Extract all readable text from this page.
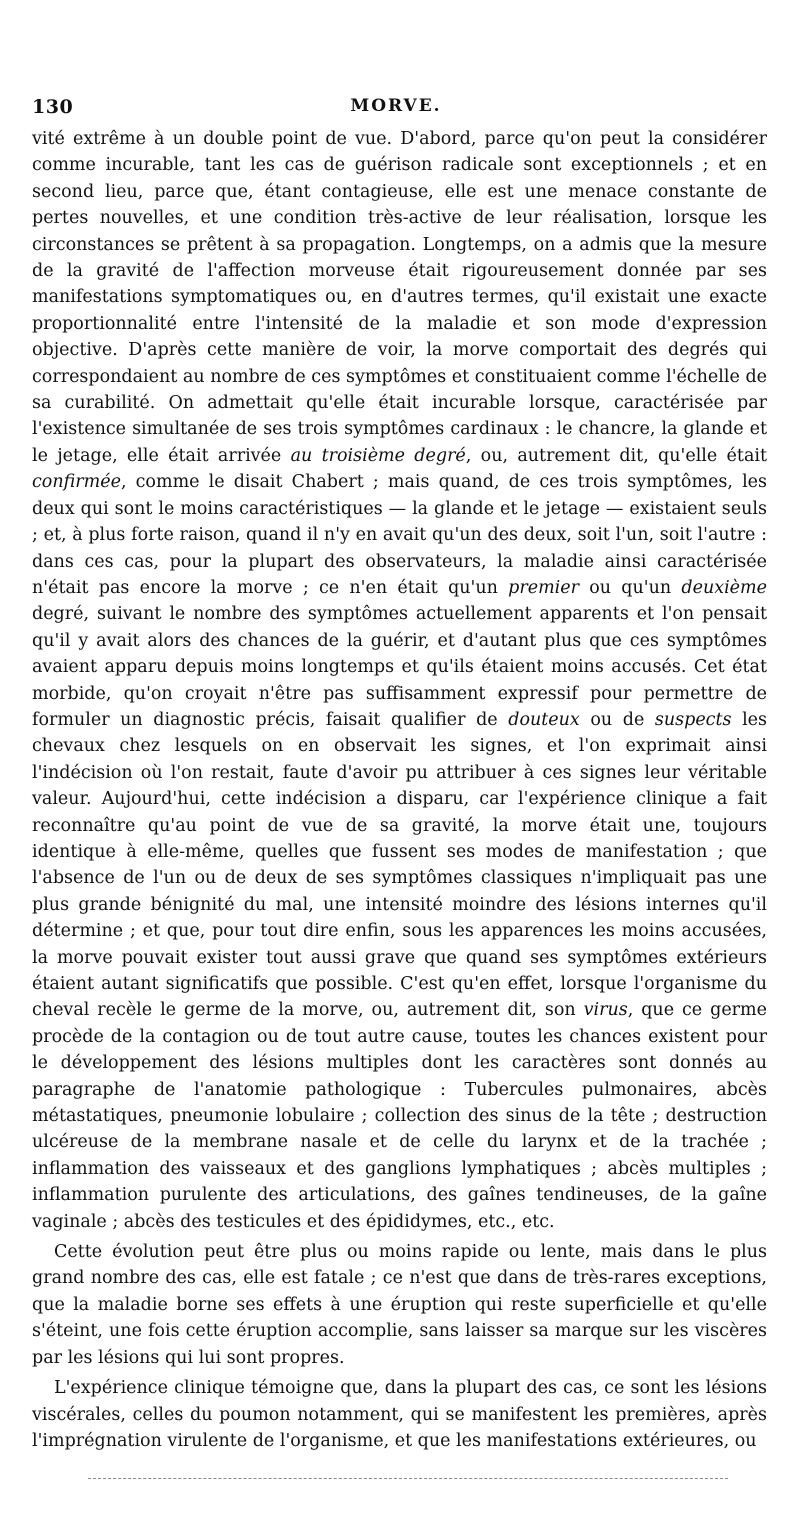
130	MORVE.

vité extrême à un double point de vue. D'abord, parce qu'on peut la considérer comme incurable, tant les cas de guérison radicale sont exceptionnels ; et en second lieu, parce que, étant contagieuse, elle est une menace constante de pertes nouvelles, et une condition très-active de leur réalisation, lorsque les circonstances se prêtent à sa propagation. Longtemps, on a admis que la mesure de la gravité de l'affection morveuse était rigoureusement donnée par ses manifestations symptomatiques ou, en d'autres termes, qu'il existait une exacte proportionnalité entre l'intensité de la maladie et son mode d'expression objective. D'après cette manière de voir, la morve comportait des degrés qui correspondaient au nombre de ces symptômes et constituaient comme l'échelle de sa curabilité. On admettait qu'elle était incurable lorsque, caractérisée par l'existence simultanée de ses trois symptômes cardinaux : le chancre, la glande et le jetage, elle était arrivée au troisième degré, ou, autrement dit, qu'elle était confirmée, comme le disait Chabert ; mais quand, de ces trois symptômes, les deux qui sont le moins caractéristiques — la glande et le jetage — existaient seuls ; et, à plus forte raison, quand il n'y en avait qu'un des deux, soit l'un, soit l'autre : dans ces cas, pour la plupart des observateurs, la maladie ainsi caractérisée n'était pas encore la morve ; ce n'en était qu'un premier ou qu'un deuxième degré, suivant le nombre des symptômes actuellement apparents et l'on pensait qu'il y avait alors des chances de la guérir, et d'autant plus que ces symptômes avaient apparu depuis moins longtemps et qu'ils étaient moins accusés. Cet état morbide, qu'on croyait n'être pas suffisamment expressif pour permettre de formuler un diagnostic précis, faisait qualifier de douteux ou de suspects les chevaux chez lesquels on en observait les signes, et l'on exprimait ainsi l'indécision où l'on restait, faute d'avoir pu attribuer à ces signes leur véritable valeur. Aujourd'hui, cette indécision a disparu, car l'expérience clinique a fait reconnaître qu'au point de vue de sa gravité, la morve était une, toujours identique à elle-même, quelles que fussent ses modes de manifestation ; que l'absence de l'un ou de deux de ses symptômes classiques n'impliquait pas une plus grande bénignité du mal, une intensité moindre des lésions internes qu'il détermine ; et que, pour tout dire enfin, sous les apparences les moins accusées, la morve pouvait exister tout aussi grave que quand ses symptômes extérieurs étaient autant significatifs que possible. C'est qu'en effet, lorsque l'organisme du cheval recèle le germe de la morve, ou, autrement dit, son virus, que ce germe procède de la contagion ou de tout autre cause, toutes les chances existent pour le développement des lésions multiples dont les caractères sont donnés au paragraphe de l'anatomie pathologique : Tubercules pulmonaires, abcès métastatiques, pneumonie lobulaire ; collection des sinus de la tête ; destruction ulcéreuse de la membrane nasale et de celle du larynx et de la trachée ; inflammation des vaisseaux et des ganglions lymphatiques ; abcès multiples ; inflammation purulente des articulations, des gaînes tendineuses, de la gaîne vaginale ; abcès des testicules et des épididymes, etc., etc.

Cette évolution peut être plus ou moins rapide ou lente, mais dans le plus grand nombre des cas, elle est fatale ; ce n'est que dans de très-rares exceptions, que la maladie borne ses effets à une éruption qui reste superficielle et qu'elle s'éteint, une fois cette éruption accomplie, sans laisser sa marque sur les viscères par les lésions qui lui sont propres.

L'expérience clinique témoigne que, dans la plupart des cas, ce sont les lésions viscérales, celles du poumon notamment, qui se manifestent les premières, après l'imprégnation virulente de l'organisme, et que les manifestations extérieures, ou
